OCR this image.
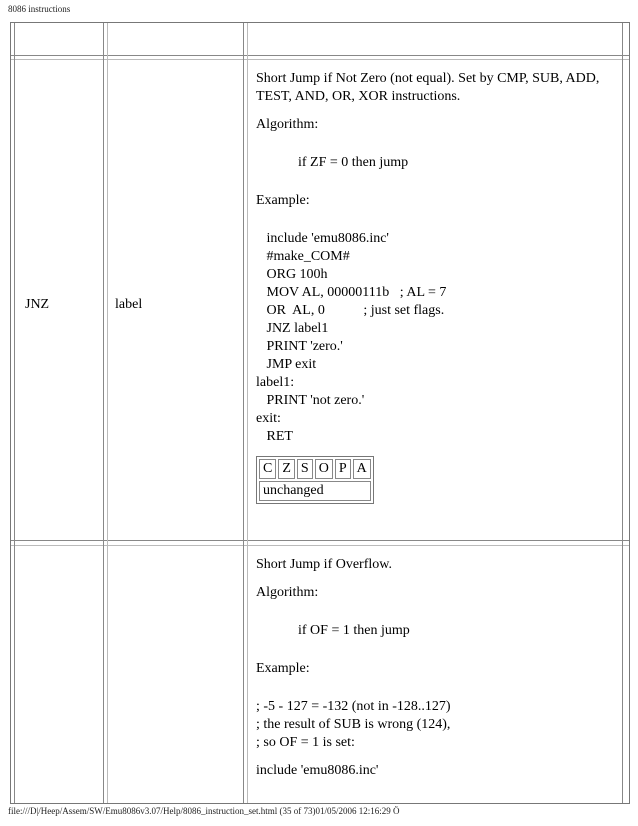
8086 instructions
JNZ	label

Short Jump if Not Zero (not equal). Set by CMP, SUB, ADD, TEST, AND, OR, XOR instructions.

Algorithm:

if ZF = 0 then jump

Example:

include 'emu8086.inc'
#make_COM#
ORG 100h
MOV AL, 00000111b   ; AL = 7
OR  AL, 0           ; just set flags.
JNZ label1
PRINT 'zero.'
JMP exit
label1:
PRINT 'not zero.'
exit:
RET
C	Z	S	O	P	A
unchanged

Short Jump if Overflow.

Algorithm:

if OF = 1 then jump

Example:

; -5 - 127 = -132 (not in -128..127)
; the result of SUB is wrong (124),
; so OF = 1 is set:
include 'emu8086.inc'
file:///D|/Heep/Assem/SW/Emu8086v3.07/Help/8086_instruction_set.html (35 of 73)01/05/2006 12:16:29 Ö
